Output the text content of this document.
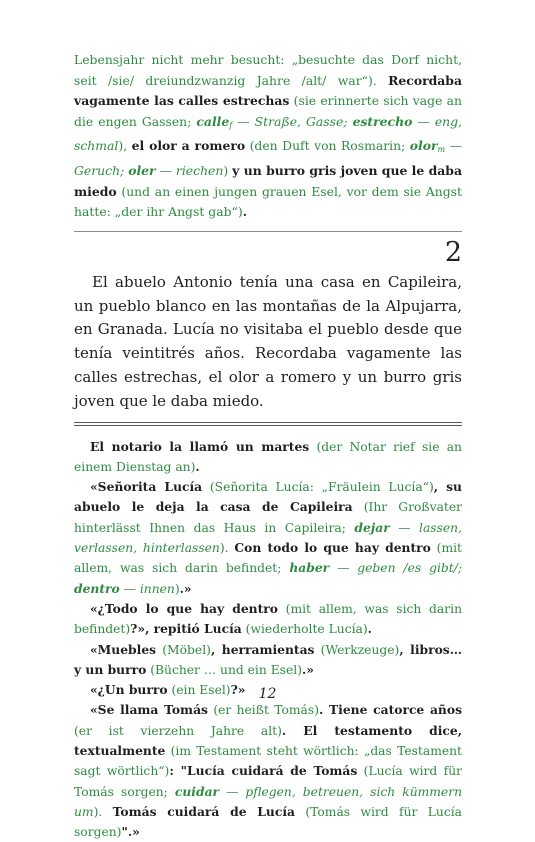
Lebensjahr nicht mehr besucht: „besuchte das Dorf nicht, seit /sie/ dreiundzwanzig Jahre /alt/ war“). Recordaba vagamente las calles estrechas (sie erinnerte sich vage an die engen Gassen; calle$_f$ — Straße, Gasse; estrecho — eng, schmal), el olor a romero (den Duft von Rosmarin; olor$_m$ — Geruch; oler — riechen) y un burro gris joven que le daba miedo (und an einen jungen grauen Esel, vor dem sie Angst hatte: „der ihr Angst gab“).

2

El abuelo Antonio tenía una casa en Capileira, un pueblo blanco en las montañas de la Alpujarra, en Granada. Lucía no visitaba el pueblo desde que tenía veintitrés años. Recordaba vagamente las calles estrechas, el olor a romero y un burro gris joven que le daba miedo.

El notario la llamó un martes (der Notar rief sie an einem Dienstag an).

«Señorita Lucía (Señorita Lucía: „Fräulein Lucía“), su abuelo le deja la casa de Capileira (Ihr Großvater hinterlässt Ihnen das Haus in Capileira; dejar — lassen, verlassen, hinterlassen). Con todo lo que hay dentro (mit allem, was sich darin befindet; haber — geben /es gibt/; dentro — innen).»

«¿Todo lo que hay dentro (mit allem, was sich darin befindet)?», repitió Lucía (wiederholte Lucía).

«Muebles (Möbel), herramientas (Werkzeuge), libros… y un burro (Bücher … und ein Esel).»

«¿Un burro (ein Esel)?»

«Se llama Tomás (er heißt Tomás). Tiene catorce años (er ist vierzehn Jahre alt). El testamento dice, textualmente (im Testament steht wörtlich: „das Testament sagt wörtlich“): "Lucía cuidará de Tomás (Lucía wird für Tomás sorgen; cuidar — pflegen, betreuen, sich kümmern um). Tomás cuidará de Lucía (Tomás wird für Lucía sorgen)".»

12
